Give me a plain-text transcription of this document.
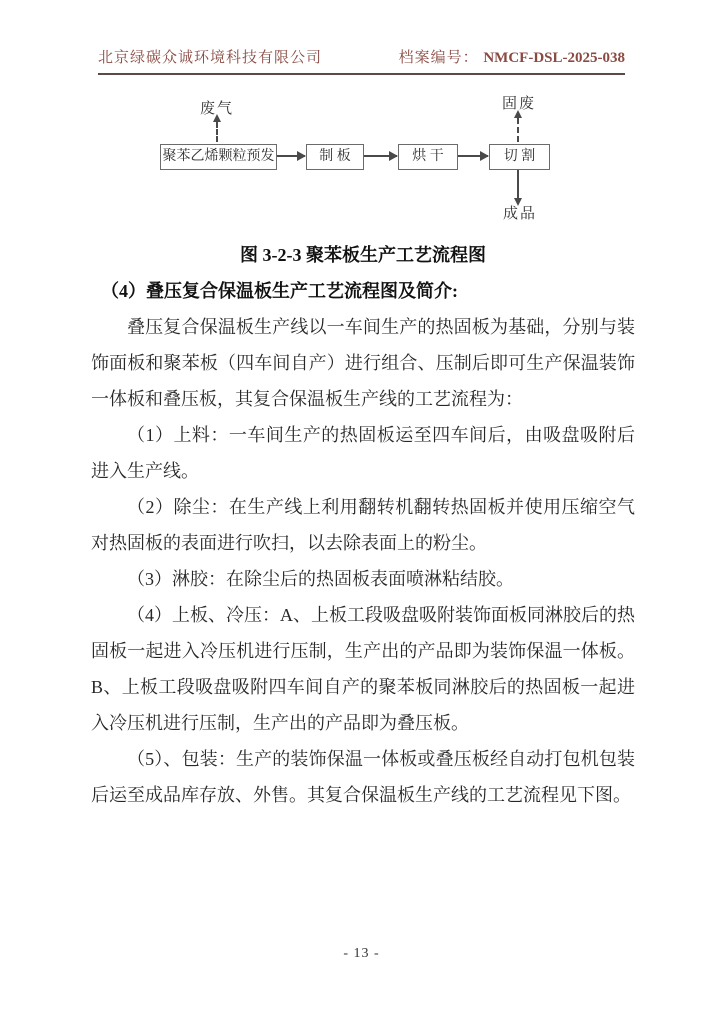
北京绿碳众诚环境科技有限公司	档案编号： NMCF-DSL-2025-038
废气
聚苯乙烯颗粒预发	制 板	烘 干	切 割
固废
成品

图 3-2-3 聚苯板生产工艺流程图

（4）叠压复合保温板生产工艺流程图及简介:

叠压复合保温板生产线以一车间生产的热固板为基础，分别与装饰面板和聚苯板（四车间自产）进行组合、压制后即可生产保温装饰一体板和叠压板，其复合保温板生产线的工艺流程为：

（1）上料：一车间生产的热固板运至四车间后，由吸盘吸附后进入生产线。

（2）除尘：在生产线上利用翻转机翻转热固板并使用压缩空气对热固板的表面进行吹扫，以去除表面上的粉尘。

（3）淋胶：在除尘后的热固板表面喷淋粘结胶。

（4）上板、冷压：A、上板工段吸盘吸附装饰面板同淋胶后的热固板一起进入冷压机进行压制，生产出的产品即为装饰保温一体板。B、上板工段吸盘吸附四车间自产的聚苯板同淋胶后的热固板一起进入冷压机进行压制，生产出的产品即为叠压板。

（5）、包装：生产的装饰保温一体板或叠压板经自动打包机包装后运至成品库存放、外售。其复合保温板生产线的工艺流程见下图。

- 13 -
